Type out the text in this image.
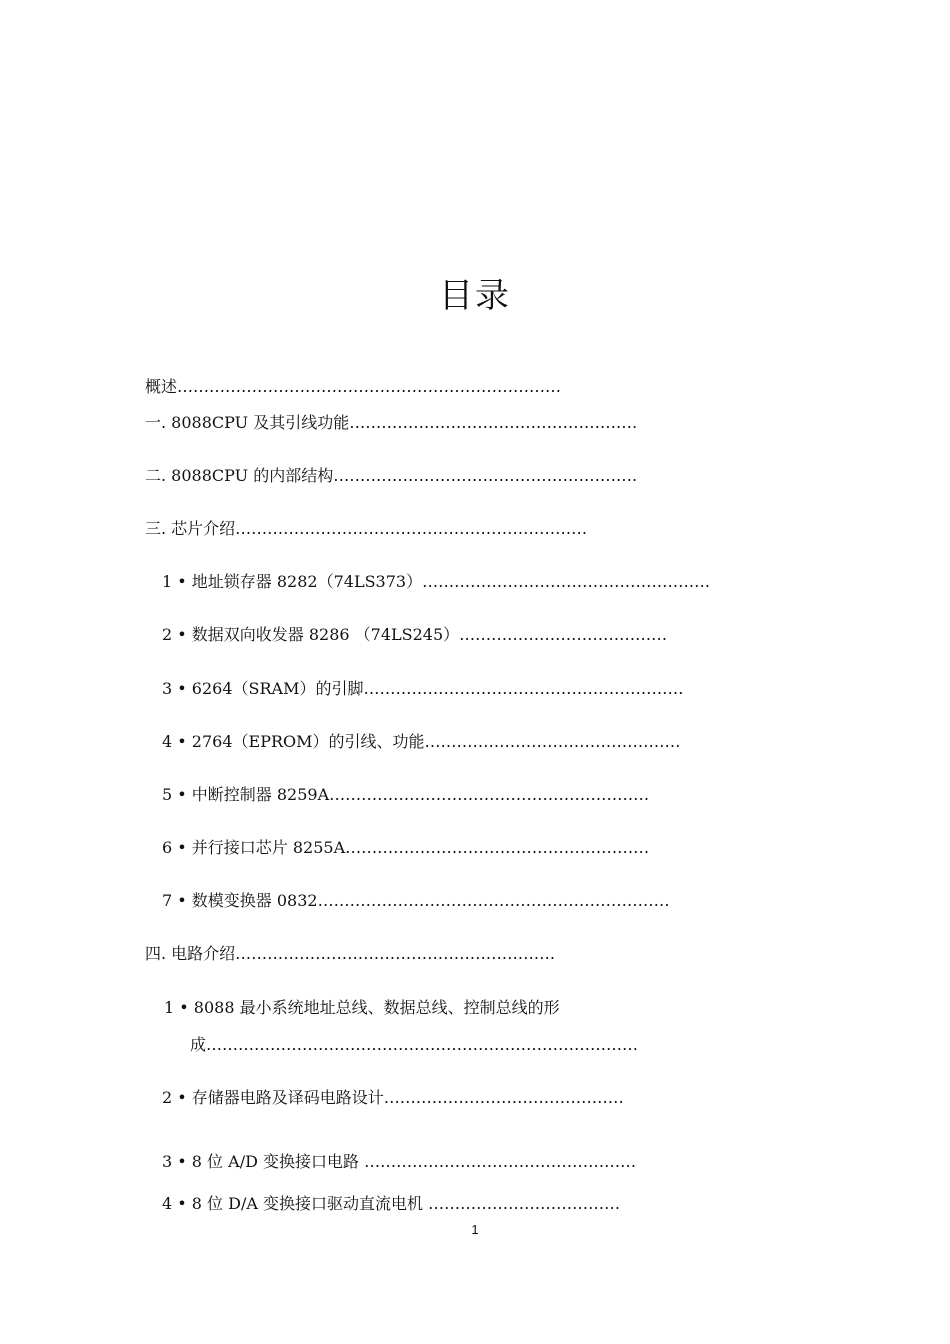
目录
概述………………………………………………………………
一. 8088CPU 及其引线功能………………………………………………
二. 8088CPU 的内部结构…………………………………………………
三. 芯片介绍…………………………………………………………
1 • 地址锁存器 8282（74LS373）………………………………………………
2 • 数据双向收发器 8286 （74LS245）…………………………………
3 • 6264（SRAM）的引脚……………………………………………………
4 • 2764（EPROM）的引线、功能…………………………………………
5 • 中断控制器 8259A……………………………………………………
6 • 并行接口芯片 8255A…………………………………………………
7 • 数模变换器 0832…………………………………………………………
四. 电路介绍……………………………………………………
1 • 8088 最小系统地址总线、数据总线、控制总线的形
成………………………………………………………………………
2 • 存储器电路及译码电路设计………………………………………
3 • 8 位 A/D 变换接口电路 ……………………………………………
4 • 8 位 D/A 变换接口驱动直流电机 ………………………………
1
